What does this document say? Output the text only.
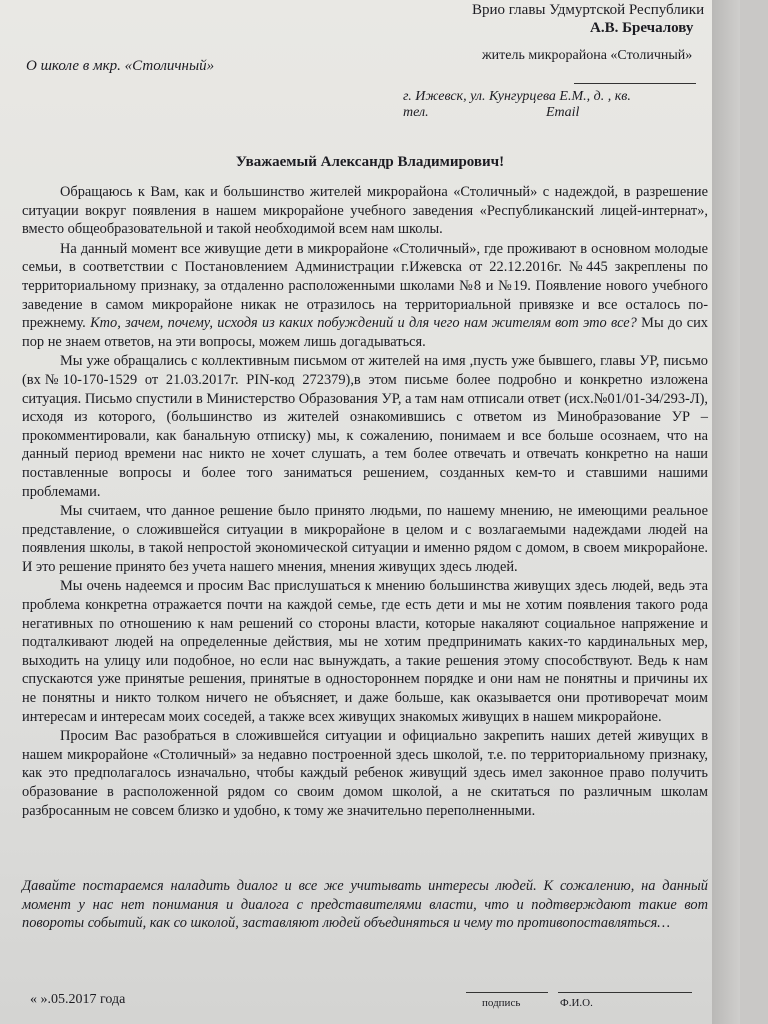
Врио главы Удмуртской Республики
А.В. Бречалову
житель микрорайона «Столичный»
О школе в мкр. «Столичный»
г. Ижевск, ул. Кунгурцева Е.М., д. , кв.
тел.	Email
Уважаемый Александр Владимирович!

Обращаюсь к Вам, как и большинство жителей микрорайона «Столичный» с надеждой, в разрешение ситуации вокруг появления в нашем микрорайоне учебного заведения «Республиканский лицей-интернат», вместо общеобразовательной и такой необходимой всем нам школы.

На данный момент все живущие дети в микрорайоне «Столичный», где проживают в основном молодые семьи, в соответствии с Постановлением Администрации г.Ижевска от 22.12.2016г. №445 закреплены по территориальному признаку, за отдаленно расположенными школами №8 и №19. Появление нового учебного заведение в самом микрорайоне никак не отразилось на территориальной привязке и все осталось по-прежнему. Кто, зачем, почему, исходя из каких побуждений и для чего нам жителям вот это все? Мы до сих пор не знаем ответов, на эти вопросы, можем лишь догадываться.

Мы уже обращались с коллективным письмом от жителей на имя ,пусть уже бывшего, главы УР, письмо (вх№10-170-1529 от 21.03.2017г. PIN-код 272379),в этом письме более подробно и конкретно изложена ситуация. Письмо спустили в Министерство Образования УР, а там нам отписали ответ (исх.№01/01-34/293-Л), исходя из которого, (большинство из жителей ознакомившись с ответом из Минобразование УР – прокомментировали, как банальную отписку) мы, к сожалению, понимаем и все больше осознаем, что на данный период времени нас никто не хочет слушать, а тем более отвечать и отвечать конкретно на наши поставленные вопросы и более того заниматься решением, созданных кем-то и ставшими нашими проблемами.

Мы считаем, что данное решение было принято людьми, по нашему мнению, не имеющими реальное представление, о сложившейся ситуации в микрорайоне в целом и с возлагаемыми надеждами людей на появления школы, в такой непростой экономической ситуации и именно рядом с домом, в своем микрорайоне. И это решение принято без учета нашего мнения, мнения живущих здесь людей.

Мы очень надеемся и просим Вас прислушаться к мнению большинства живущих здесь людей, ведь эта проблема конкретна отражается почти на каждой семье, где есть дети и мы не хотим появления такого рода негативных по отношению к нам решений со стороны власти, которые накаляют социальное напряжение и подталкивают людей на определенные действия, мы не хотим предпринимать каких-то кардинальных мер, выходить на улицу или подобное, но если нас вынуждать, а такие решения этому способствуют. Ведь к нам спускаются уже принятые решения, принятые в одностороннем порядке и они нам не понятны и причины их не понятны и никто толком ничего не объясняет, и даже больше, как оказывается они противоречат моим интересам и интересам моих соседей, а также всех живущих знакомых живущих в нашем микрорайоне.

Просим Вас разобраться в сложившейся ситуации и официально закрепить наших детей живущих в нашем микрорайоне «Столичный» за недавно построенной здесь школой, т.е. по территориальному признаку, как это предполагалось изначально, чтобы каждый ребенок живущий здесь имел законное право получить образование в расположенной рядом со своим домом школой, а не скитаться по различным школам разбросанным не совсем близко и удобно, к тому же значительно переполненными.

Давайте постараемся наладить диалог и все же учитывать интересы людей. К сожалению, на данный момент у нас нет понимания и диалога с представителями власти, что и подтверждают такие вот повороты событий, как со школой, заставляют людей объединяться и чему то противопоставляться…
« ».05.2017 года	подпись	Ф.И.О.
